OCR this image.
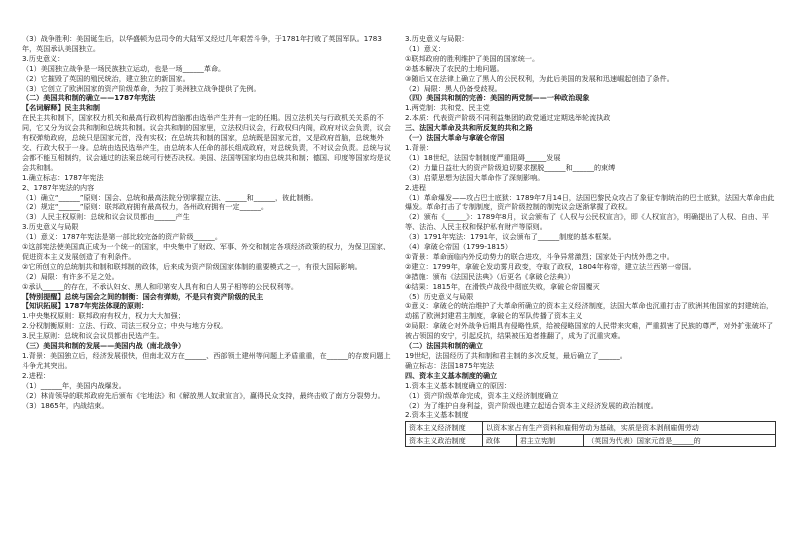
（3）战争胜利：美国诞生后，以华盛顿为总司令的大陆军又经过几年艰苦斗争，于1781年打败了英国军队。1783年，英国承认美国独立。

3.历史意义：

（1）美国独立战争是一场民族独立运动，也是一场______革命。

（2）它摧毁了英国的殖民统治，建立独立的新国家。

（3）它创立了欧洲国家的资产阶级革命，为拉丁美洲独立战争提供了先例。

（二）美国共和制的确立——1787年宪法

【名词解释】民主共和制

在民主共和制下，国家权力机关和最高行政机构首脑都由选举产生并有一定的任期。因立法机关与行政机关关系的不同，它又分为议会共和制和总统共和制。议会共和制的国家里，立法权归议会，行政权归内阁，政府对议会负责，议会有权弹劾政府，总统只是国家元首，没有实权；在总统共和制的国家，总统既是国家元首，又是政府首脑，总统集外交、行政大权于一身。总统由选民选举产生，由总统本人任命的部长组成政府，对总统负责，不对议会负责。总统与议会都不能互相制约，议会通过的法案总统可行使否决权。美国、法国等国家均由总统共和制；德国、印度等国家均是议会共和制。

1.确立标志：1787年宪法

2、1787年宪法的内容

（1）确立“______”原则：国会、总统和最高法院分别掌握立法、______和______，彼此制衡。

（2）规定“______”原则：联邦政府拥有最高权力，各州政府拥有一定______。

（3）人民主权原则：总统和议会议员都由______产生

3.历史意义与局限

（1）意义：1787年宪法是第一部比较完备的资产阶级______。

①这部宪法使美国真正成为一个统一的国家，中央集中了财政、军事、外交和制定各项经济政策的权力，为保卫国家、促进资本主义发展创造了有利条件。

②它所创立的总统制共和制和联邦制的政体，后来成为资产阶级国家体制的重要模式之一，有很大国际影响。

（2）局限：有许多不足之处。

①承认______的存在，不承认妇女、黑人和印第安人具有和白人男子相等的公民权利等。

【特别提醒】总统与国会之间的制衡：国会有弹劾，不是只有资产阶级的民主

【知识拓展】1787年宪法体现的原则：

1.中央集权原则：联邦政府有权力，权力大大加强；

2.分权制衡原则：立法、行政、司法三权分立；中央与地方分权。

3.民主原则：总统和议会议员都由民选产生。

（三）美国共和制的发展——美国内战（南北战争）

1.背景：美国独立后，经济发展很快，但南北双方在______、西部领土建州等问题上矛盾重重，在______的存废问题上斗争尤其突出。

2.进程：

（1）______年，美国内战爆发。

（2）林肯领导的联邦政府先后颁布《宅地法》和《解放黑人奴隶宣言》，赢得民众支持，最终击败了南方分裂势力。

（3）1865年，内战结束。

3.历史意义与局限：

（1）意义：

①联邦政府的胜利维护了美国的国家统一。

②基本解决了农民的土地问题。

③随后又在法律上确立了黑人的公民权利，为此后美国的发展和迅速崛起创造了条件。

（2）局限：黑人仍备受歧视。

（四）美国共和制的完善：美国的两党制——一种政治现象

1.两党制：共和党、民主党

2.本质：代表资产阶级不同利益集团的政党通过定期选举轮流执政

三、法国大革命及共和所反复的共和之路

（一）法国大革命与拿破仑帝国

1.背景：

（1）18世纪，法国专制制度严重阻碍______发展

（2）力量日益壮大的资产阶级迫切要求摆脱______和______的束缚

（3）启蒙思想为法国大革命作了深刻影响。

2.进程

（1）革命爆发——攻占巴士底狱：1789年7月14日，法国巴黎民众攻占了象征专制统治的巴士底狱，法国大革命由此爆发。革命打击了专制制度，资产阶级控制的制宪议会逐渐掌握了政权。

（2）颁布《______》：1789年8月，议会颁布了《人权与公民权宣言》，即《人权宣言》，明确提出了人权、自由、平等、法治、人民主权和保护私有财产等原则。

（3）1791年宪法：1791年，议会颁布了______制度的基本框架。

（4）拿破仑帝国（1799-1815）

①背景：革命面临内外反动势力的联合进攻，斗争异常激烈；国家处于内忧外患之中。

②建立：1799年，拿破仑发动雾月政变，夺取了政权，1804年称帝，建立法兰西第一帝国。

③措施：颁布《法国民法典》（后更名《拿破仑法典》）

④结果：1815年，在滑铁卢战役中彻底失败，拿破仑帝国覆灭

（5）历史意义与局限

①意义：拿破仑的统治维护了大革命所确立的资本主义经济制度，法国大革命也沉重打击了欧洲其他国家的封建统治，动摇了欧洲封建君主制度，拿破仑的军队传播了资本主义

②局限：拿破仑对外战争后期具有侵略性质，给被侵略国家的人民带来灾难，严重损害了民族的尊严，对外扩张破坏了被占领国的安宁，引起反抗，结果被压迫者推翻了，成为了沉重灾难。

（二）法国共和制的确立

19世纪，法国经历了共和制和君主制的多次反复，最后确立了______。

确立标志：法国1875年宪法

四、资本主义基本制度的确立

1.资本主义基本制度确立的原因：

（1）资产阶级革命完成，资本主义经济制度确立

（2）为了维护自身利益，资产阶级也建立起适合资本主义经济发展的政治制度。

2.资本主义基本制度

资本主义经济制度	以资本家占有生产资料和雇佣劳动为基础，实质是资本剥削雇佣劳动		
资本主义政治制度	政体	君主立宪制	（英国为代表）国家元首是______的
